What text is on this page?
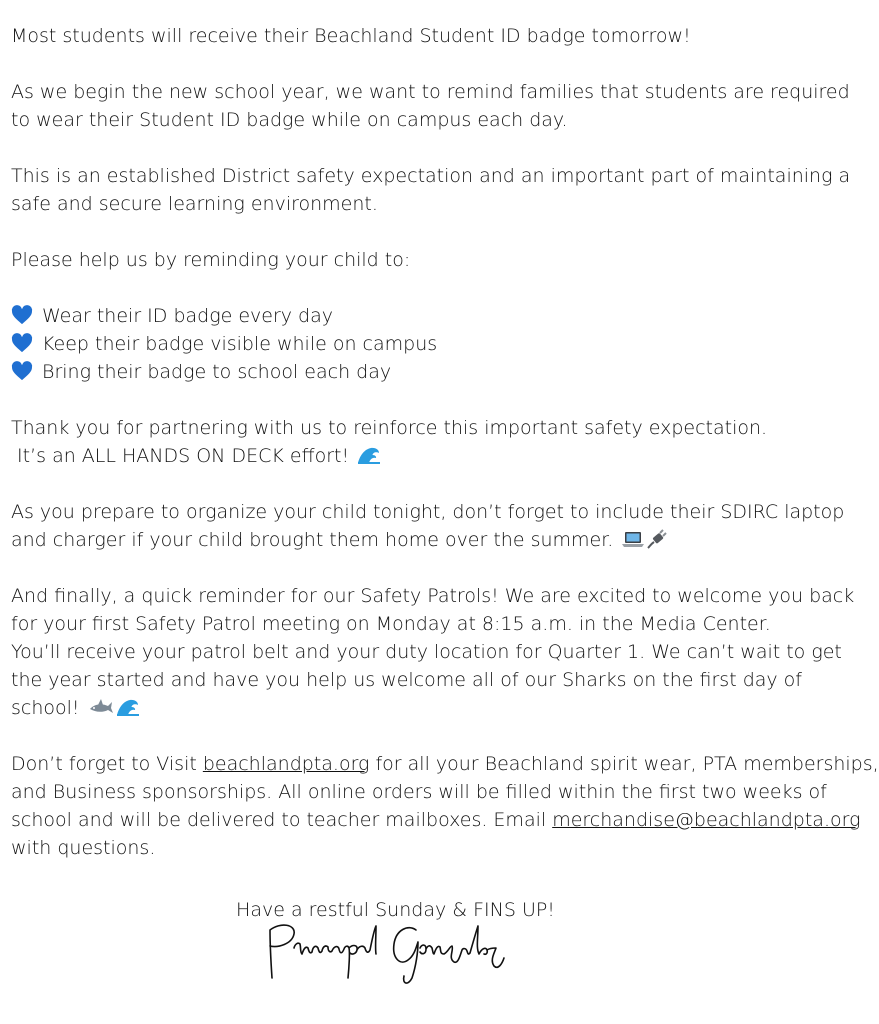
Most students will receive their Beachland Student ID badge tomorrow!

As we begin the new school year, we want to remind families that students are required
to wear their Student ID badge while on campus each day.

This is an established District safety expectation and an important part of maintaining a
safe and secure learning environment.

Please help us by reminding your child to:

Wear their ID badge every day
Keep their badge visible while on campus
Bring their badge to school each day

Thank you for partnering with us to reinforce this important safety expectation.
It’s an ALL HANDS ON DECK effort!

As you prepare to organize your child tonight, don’t forget to include their SDIRC laptop
and charger if your child brought them home over the summer.

And finally, a quick reminder for our Safety Patrols! We are excited to welcome you back
for your first Safety Patrol meeting on Monday at 8:15 a.m. in the Media Center.
You’ll receive your patrol belt and your duty location for Quarter 1. We can’t wait to get
the year started and have you help us welcome all of our Sharks on the first day of
school!

Don’t forget to Visit beachlandpta.org for all your Beachland spirit wear, PTA memberships,
and Business sponsorships. All online orders will be filled within the first two weeks of
school and will be delivered to teacher mailboxes. Email merchandise@beachlandpta.org
with questions.

Have a restful Sunday & FINS UP!
